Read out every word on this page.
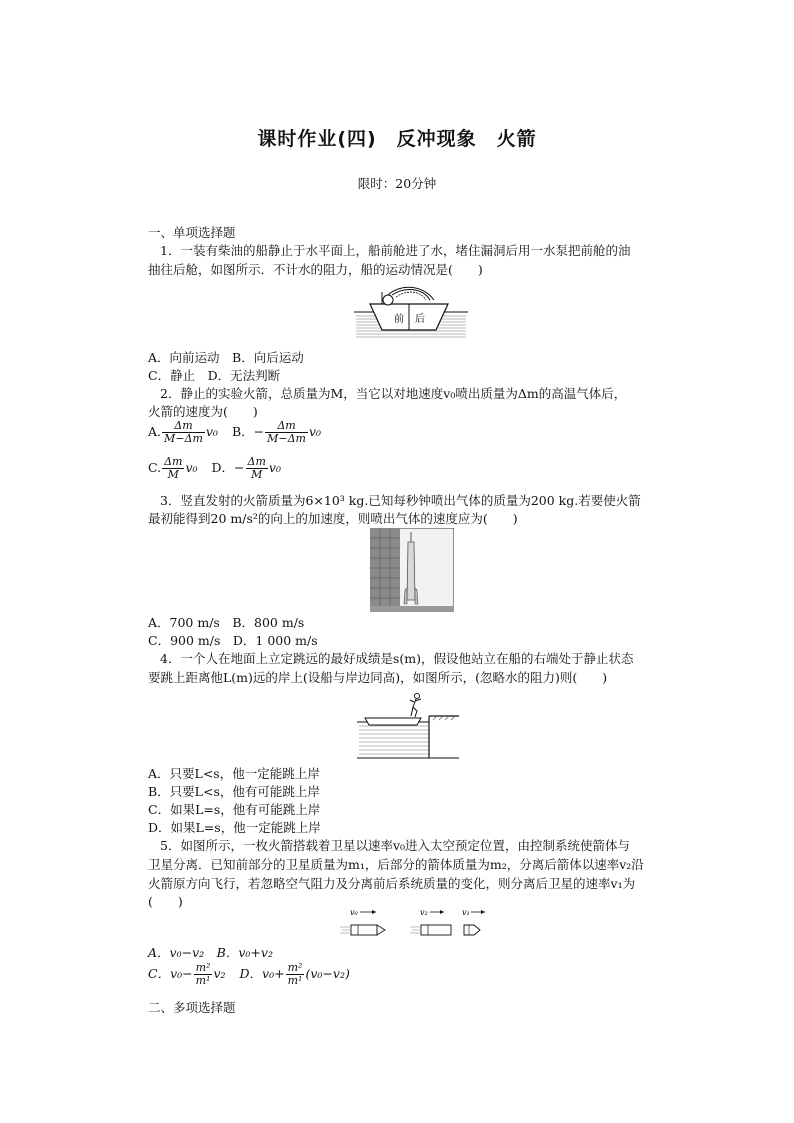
课时作业(四)　反冲现象　火箭
限时：20分钟
一、单项选择题
1．一装有柴油的船静止于水平面上，船前舱进了水，堵住漏洞后用一水泵把前舱的油
抽往后舱，如图所示．不计水的阻力，船的运动情况是(　　)
前 后
A．向前运动　B．向后运动
C．静止　D．无法判断
2．静止的实验火箭，总质量为M，当它以对地速度v₀喷出质量为Δm的高温气体后，
火箭的速度为(　　)
A. $\frac{\Delta m}{M-\Delta m} v_0$ B．− $\frac{\Delta m}{M-\Delta m} v_0$
C. $\frac{\Delta m}{M} v_0$ D．− $\frac{\Delta m}{M} v_0$
3．竖直发射的火箭质量为6×10³ kg.已知每秒钟喷出气体的质量为200 kg.若要使火箭
最初能得到20 m/s²的向上的加速度，则喷出气体的速度应为(　　)
A．700 m/s　B．800 m/s
C．900 m/s　D．1 000 m/s
4．一个人在地面上立定跳远的最好成绩是s(m)，假设他站立在船的右端处于静止状态
要跳上距离他L(m)远的岸上(设船与岸边同高)，如图所示，(忽略水的阻力)则(　　)
A．只要L<s，他一定能跳上岸
B．只要L<s，他有可能跳上岸
C．如果L=s，他有可能跳上岸
D．如果L=s，他一定能跳上岸
5．如图所示，一枚火箭搭载着卫星以速率v₀进入太空预定位置，由控制系统使箭体与
卫星分离．已知前部分的卫星质量为m₁，后部分的箭体质量为m₂，分离后箭体以速率v₂沿
火箭原方向飞行，若忽略空气阻力及分离前后系统质量的变化，则分离后卫星的速率v₁为
(　　)
v₀	v₂	v₁
A．v₀−v₂　B．v₀+v₂
C．$v_0- \frac{\text{m²}}{\text{m¹}} v_2$ D．$v_0+ \frac{\text{m²}}{\text{m¹}} (v_0-v_2)$
二、多项选择题
